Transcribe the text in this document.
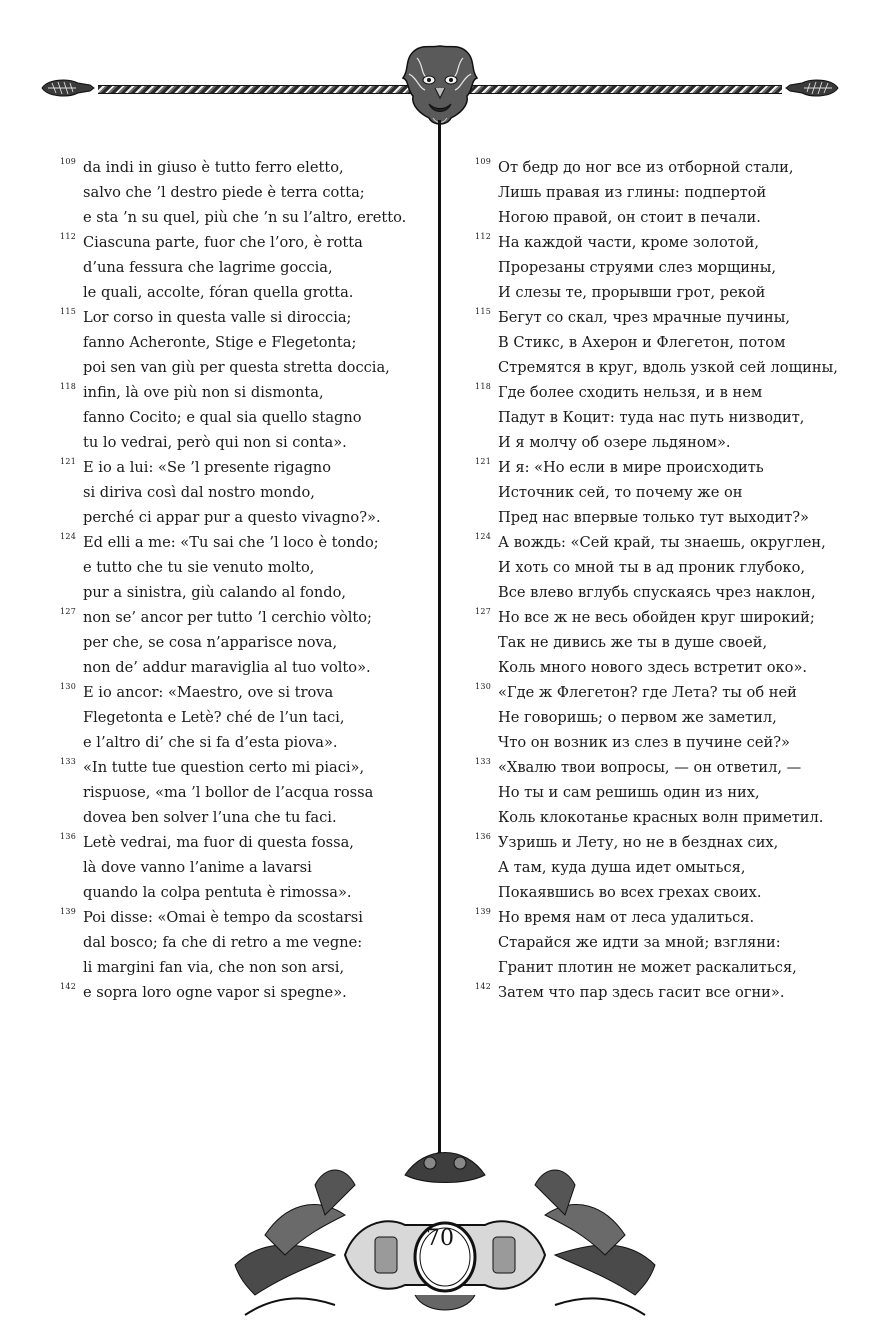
109 da indi in giuso è tutto ferro eletto,
salvo che ’l destro piede è terra cotta;
e sta ’n su quel, più che ’n su l’altro, eretto.
112 Ciascuna parte, fuor che l’oro, è rotta
d’una fessura che lagrime goccia,
le quali, accolte, fóran quella grotta.
115 Lor corso in questa valle si diroccia;
fanno Acheronte, Stige e Flegetonta;
poi sen van giù per questa stretta doccia,
118 infin, là ove più non si dismonta,
fanno Cocito; e qual sia quello stagno
tu lo vedrai, però qui non si conta».
121 E io a lui: «Se ’l presente rigagno
si diriva così dal nostro mondo,
perché ci appar pur a questo vivagno?».
124 Ed elli a me: «Tu sai che ’l loco è tondo;
e tutto che tu sie venuto molto,
pur a sinistra, giù calando al fondo,
127 non se’ ancor per tutto ’l cerchio vòlto;
per che, se cosa n’apparisce nova,
non de’ addur maraviglia al tuo volto».
130 E io ancor: «Maestro, ove si trova
Flegetonta e Letè? ché de l’un taci,
e l’altro di’ che si fa d’esta piova».
133 «In tutte tue question certo mi piaci»,
rispuose, «ma ’l bollor de l’acqua rossa
dovea ben solver l’una che tu faci.
136 Letè vedrai, ma fuor di questa fossa,
là dove vanno l’anime a lavarsi
quando la colpa pentuta è rimossa».
139 Poi disse: «Omai è tempo da scostarsi
dal bosco; fa che di retro a me vegne:
li margini fan via, che non son arsi,
142 e sopra loro ogne vapor si spegne».
109 От бедр до ног все из отборной стали,
Лишь правая из глины: подпертой
Ногою правой, он стоит в печали.
112 На каждой части, кроме золотой,
Прорезаны струями слез морщины,
И слезы те, прорывши грот, рекой
115 Бегут со скал, чрез мрачные пучины,
В Стикс, в Ахерон и Флегетон, потом
Стремятся в круг, вдоль узкой сей лощины,
118 Где более сходить нельзя, и в нем
Падут в Коцит: туда нас путь низводит,
И я молчу об озере льдяном».
121 И я: «Но если в мире происходить
Источник сей, то почему же он
Пред нас впервые только тут выходит?»
124 А вождь: «Сей край, ты знаешь, округлен,
И хоть со мной ты в ад проник глубоко,
Все влево вглубь спускаясь чрез наклон,
127 Но все ж не весь обойден круг широкий;
Так не дивись же ты в душе своей,
Коль много нового здесь встретит око».
130 «Где ж Флегетон? где Лета? ты об ней
Не говоришь; о первом же заметил,
Что он возник из слез в пучине сей?»
133 «Хвалю твои вопросы, — он ответил, —
Но ты и сам решишь один из них,
Коль клокотанье красных волн приметил.
136 Узришь и Лету, но не в безднах сих,
А там, куда душа идет омыться,
Покаявшись во всех грехах своих.
139 Но время нам от леса удалиться.
Старайся же идти за мной; взгляни:
Гранит плотин не может раскалиться,
142 Затем что пар здесь гасит все огни».
70
